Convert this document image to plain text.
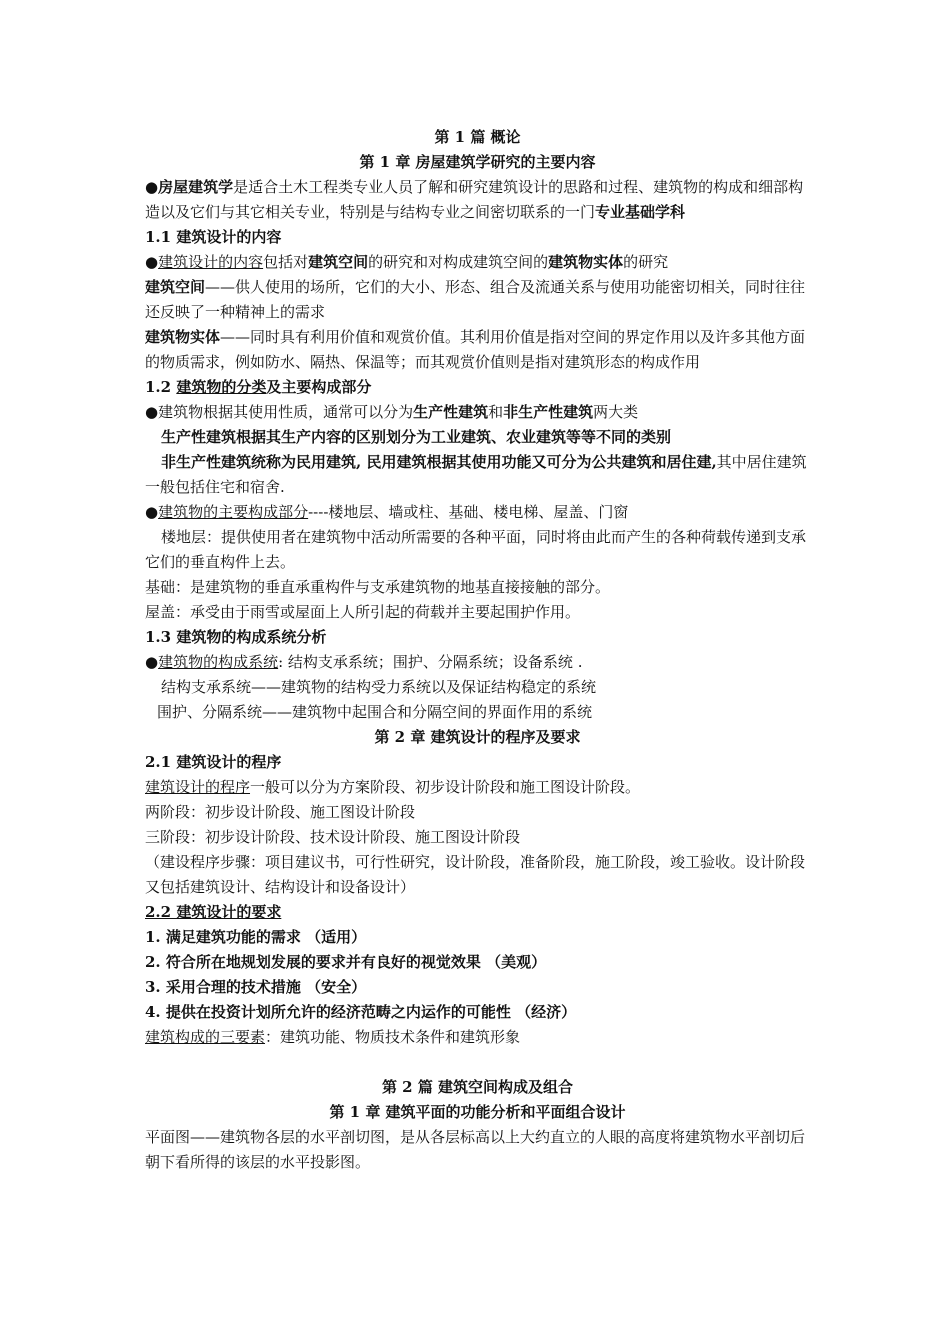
第 1 篇 概论

第 1 章 房屋建筑学研究的主要内容

●房屋建筑学是适合土木工程类专业人员了解和研究建筑设计的思路和过程、建筑物的构成和细部构造以及它们与其它相关专业，特别是与结构专业之间密切联系的一门专业基础学科

1.1 建筑设计的内容

●建筑设计的内容包括对建筑空间的研究和对构成建筑空间的建筑物实体的研究

建筑空间——供人使用的场所，它们的大小、形态、组合及流通关系与使用功能密切相关，同时往往还反映了一种精神上的需求

建筑物实体——同时具有利用价值和观赏价值。其利用价值是指对空间的界定作用以及许多其他方面的物质需求，例如防水、隔热、保温等；而其观赏价值则是指对建筑形态的构成作用

1.2 建筑物的分类及主要构成部分

●建筑物根据其使用性质，通常可以分为生产性建筑和非生产性建筑两大类

生产性建筑根据其生产内容的区别划分为工业建筑、农业建筑等等不同的类别

非生产性建筑统称为民用建筑, 民用建筑根据其使用功能又可分为公共建筑和居住建,其中居住建筑一般包括住宅和宿舍.

●建筑物的主要构成部分----楼地层、墙或柱、基础、楼电梯、屋盖、门窗

楼地层：提供使用者在建筑物中活动所需要的各种平面，同时将由此而产生的各种荷载传递到支承它们的垂直构件上去。

基础：是建筑物的垂直承重构件与支承建筑物的地基直接接触的部分。

屋盖：承受由于雨雪或屋面上人所引起的荷载并主要起围护作用。

1.3 建筑物的构成系统分析

●建筑物的构成系统: 结构支承系统；围护、分隔系统；设备系统 .

结构支承系统——建筑物的结构受力系统以及保证结构稳定的系统

围护、分隔系统——建筑物中起围合和分隔空间的界面作用的系统

第 2 章 建筑设计的程序及要求

2.1 建筑设计的程序

建筑设计的程序一般可以分为方案阶段、初步设计阶段和施工图设计阶段。

两阶段：初步设计阶段、施工图设计阶段

三阶段：初步设计阶段、技术设计阶段、施工图设计阶段

（建设程序步骤：项目建议书，可行性研究，设计阶段，准备阶段，施工阶段，竣工验收。设计阶段又包括建筑设计、结构设计和设备设计）

2.2 建筑设计的要求

1. 满足建筑功能的需求 （适用）

2. 符合所在地规划发展的要求并有良好的视觉效果 （美观）

3. 采用合理的技术措施 （安全）

4. 提供在投资计划所允许的经济范畴之内运作的可能性 （经济）

建筑构成的三要素：建筑功能、物质技术条件和建筑形象

第 2 篇 建筑空间构成及组合

第 1 章 建筑平面的功能分析和平面组合设计

平面图——建筑物各层的水平剖切图，是从各层标高以上大约直立的人眼的高度将建筑物水平剖切后朝下看所得的该层的水平投影图。
